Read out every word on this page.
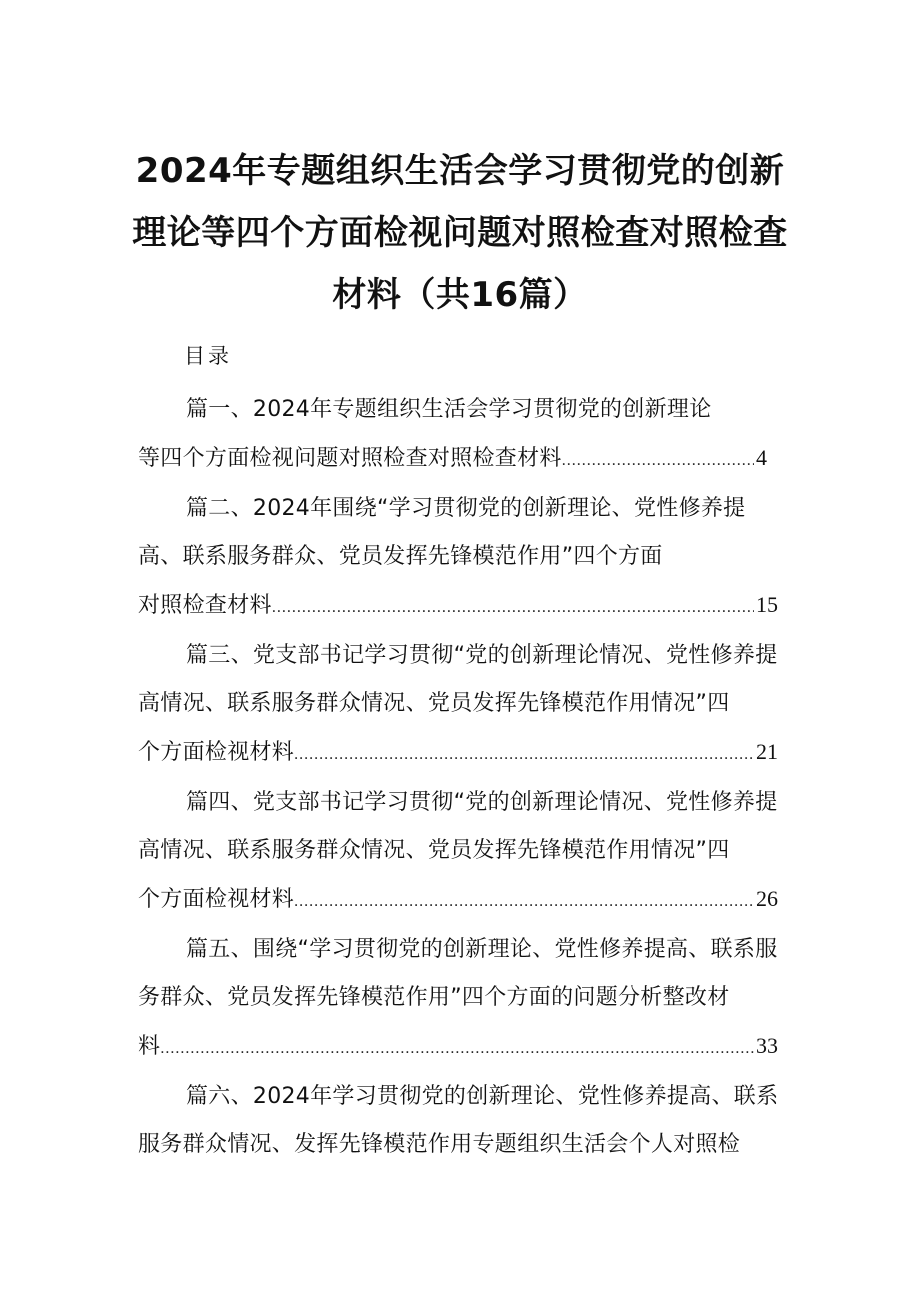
2024年专题组织生活会学习贯彻党的创新理论等四个方面检视问题对照检查对照检查材料（共16篇）
目录
篇一、2024年专题组织生活会学习贯彻党的创新理论
等四个方面检视问题对照检查对照检查材料 .....	4
篇二、2024年围绕“学习贯彻党的创新理论、党性修养提高、联系服务群众、党员发挥先锋模范作用”四个方面
对照检查材料 .....	15
篇三、党支部书记学习贯彻“党的创新理论情况、党性修养提高情况、联系服务群众情况、党员发挥先锋模范作用情况”四
个方面检视材料 .....	21
篇四、党支部书记学习贯彻“党的创新理论情况、党性修养提高情况、联系服务群众情况、党员发挥先锋模范作用情况”四
个方面检视材料 .....	26
篇五、围绕“学习贯彻党的创新理论、党性修养提高、联系服务群众、党员发挥先锋模范作用”四个方面的问题分析整改材
料 .....	33
篇六、2024年学习贯彻党的创新理论、党性修养提高、联系服务群众情况、发挥先锋模范作用专题组织生活会个人对照检
